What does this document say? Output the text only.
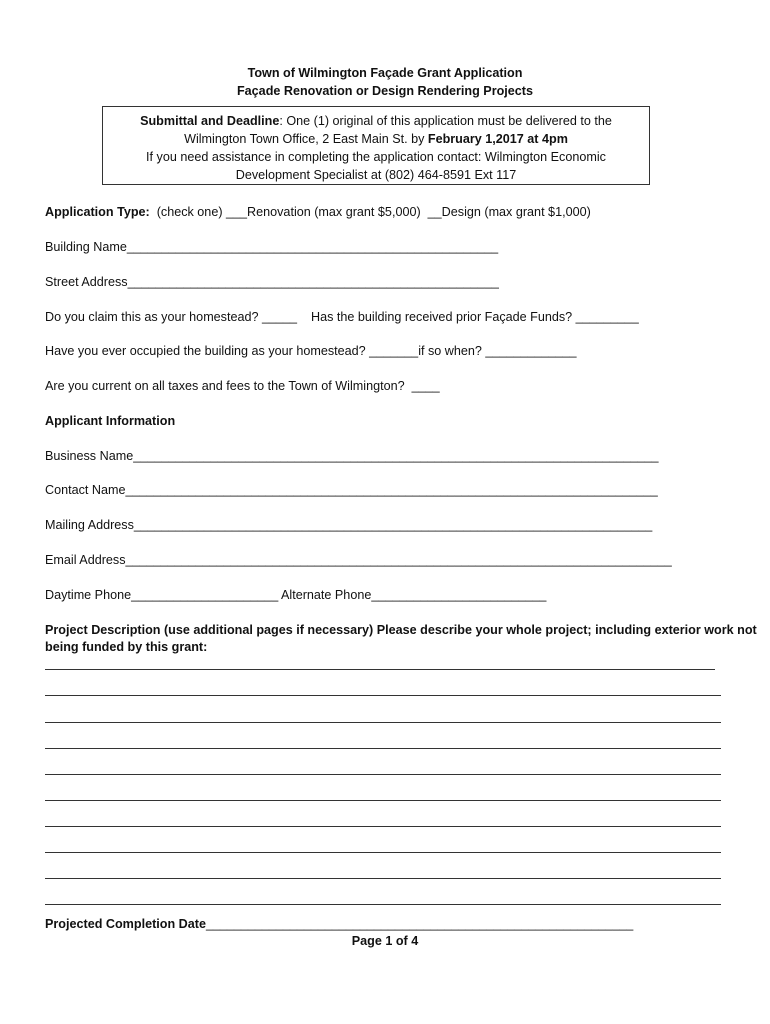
Town of Wilmington Façade Grant Application
Façade Renovation or Design Rendering Projects
Submittal and Deadline: One (1) original of this application must be delivered to the
Wilmington Town Office, 2 East Main St. by February 1,2017 at 4pm
If you need assistance in completing the application contact: Wilmington Economic
Development Specialist at (802) 464-8591 Ext 117
Application Type:  (check one) ___Renovation (max grant $5,000)  __Design (max grant $1,000)
Building Name_____________________________________________________
Street Address_____________________________________________________
Do you claim this as your homestead? _____    Has the building received prior Façade Funds? _________
Have you ever occupied the building as your homestead? _______if so when? _____________
Are you current on all taxes and fees to the Town of Wilmington?  ____
Applicant Information
Business Name___________________________________________________________________________
Contact Name____________________________________________________________________________
Mailing Address__________________________________________________________________________
Email Address______________________________________________________________________________
Daytime Phone_____________________ Alternate Phone_________________________
Project Description (use additional pages if necessary) Please describe your whole project; including exterior work not
being funded by this grant:
Projected Completion Date_____________________________________________________________
Page 1 of 4
